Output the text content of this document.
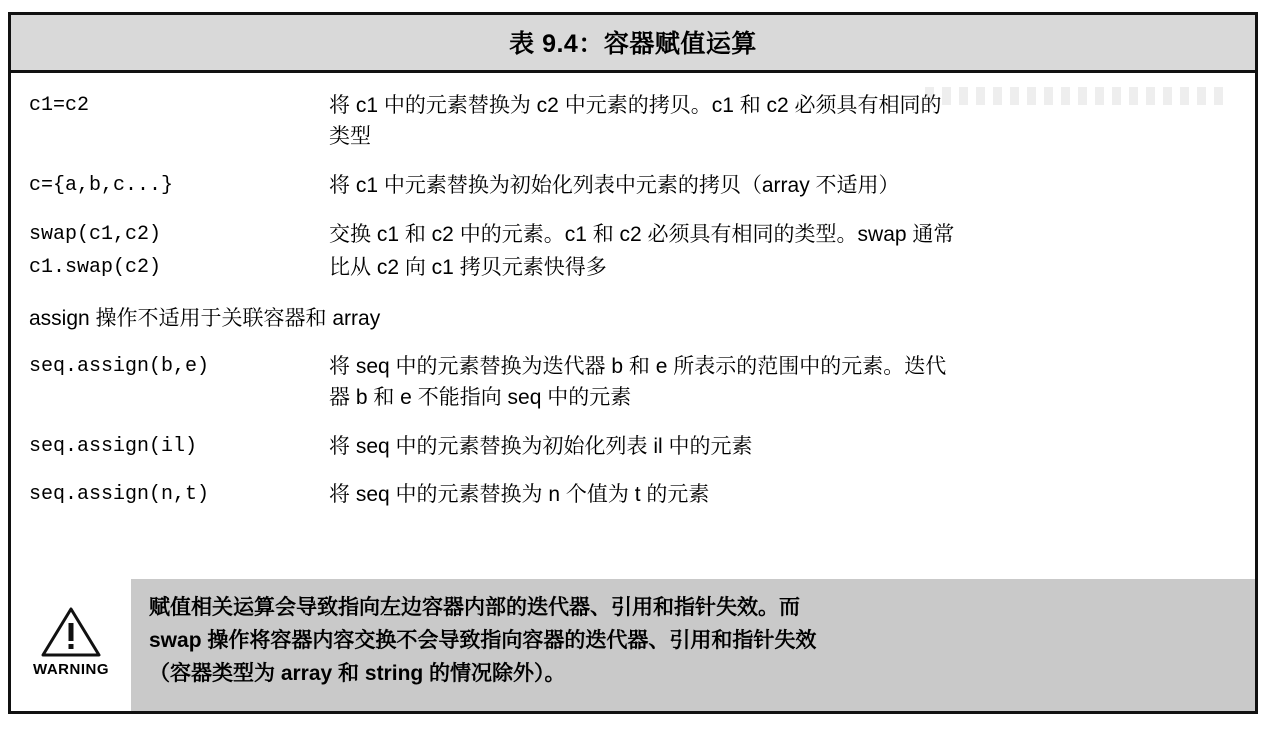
表 9.4：容器赋值运算
c1=c2	将 c1 中的元素替换为 c2 中元素的拷贝。c1 和 c2 必须具有相同的
类型
c={a,b,c...}	将 c1 中元素替换为初始化列表中元素的拷贝（array 不适用）
swap(c1,c2)	交换 c1 和 c2 中的元素。c1 和 c2 必须具有相同的类型。swap 通常
c1.swap(c2)	比从 c2 向 c1 拷贝元素快得多
assign 操作不适用于关联容器和 array
seq.assign(b,e)	将 seq 中的元素替换为迭代器 b 和 e 所表示的范围中的元素。迭代
器 b 和 e 不能指向 seq 中的元素
seq.assign(il)	将 seq 中的元素替换为初始化列表 il 中的元素
seq.assign(n,t)	将 seq 中的元素替换为 n 个值为 t 的元素
WARNING
赋值相关运算会导致指向左边容器内部的迭代器、引用和指针失效。而
swap 操作将容器内容交换不会导致指向容器的迭代器、引用和指针失效
（容器类型为 array 和 string 的情况除外）。
